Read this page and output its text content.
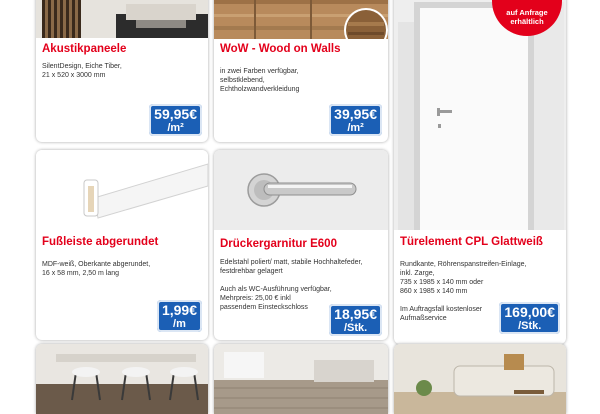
Akustikpaneele
SilentDesign, Eiche Tiber,
21 x 520 x 3000 mm
59,95€
/m²
WoW - Wood on Walls
in zwei Farben verfügbar,
selbstklebend,
Echtholzwandverkleidung
39,95€
/m²
auf Anfrage
erhältlich
Türelement CPL Glattweiß
Rundkante, Röhrenspanstreifen-Einlage,
inkl. Zarge,
735 x 1985 x 140 mm oder
860 x 1985 x 140 mm

Im Auftragsfall kostenloser
Aufmaßservice	169,00€
/Stk.
Fußleiste abgerundet
MDF-weiß, Oberkante abgerundet,
16 x 58 mm, 2,50 m lang
1,99€
/m
Drückergarnitur E600
Edelstahl poliert/ matt, stabile Hochhaltefeder,
festdrehbar gelagert

Auch als WC-Ausführung verfügbar,
Mehrpreis: 25,00 € inkl
passendem Einsteckschloss	18,95€
/Stk.
